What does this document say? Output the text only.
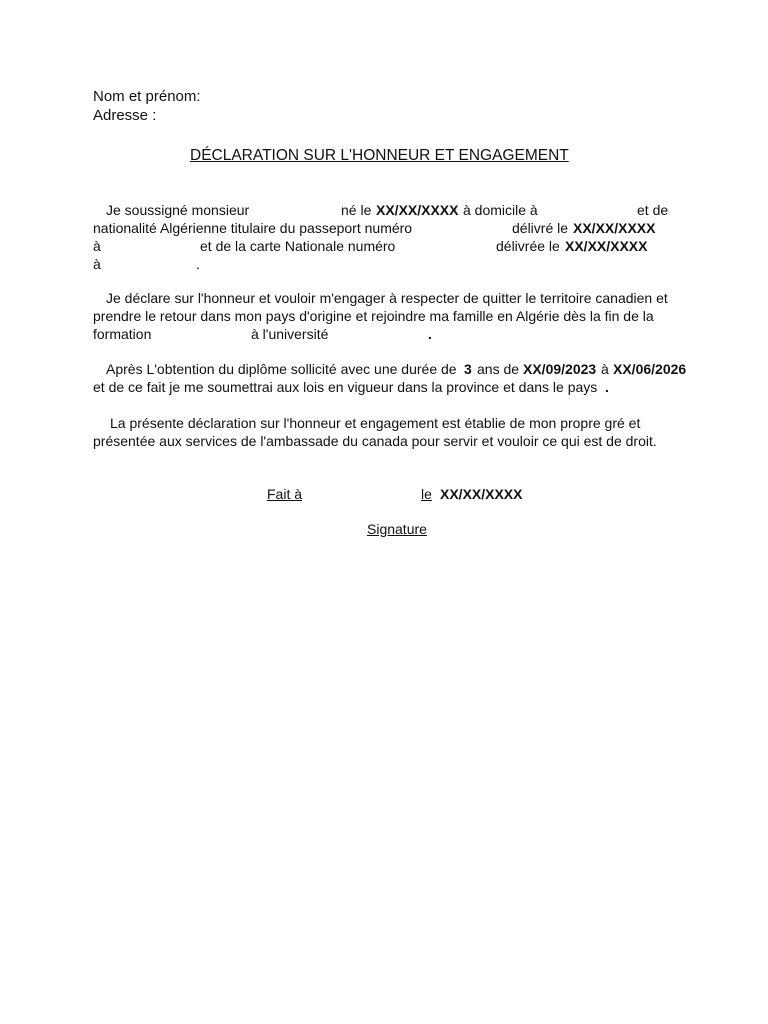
Nom et prénom:
Adresse :
DÉCLARATION SUR L'HONNEUR ET ENGAGEMENT
Je soussigné monsieur	né le XX/XX/XXXX à domicile à	et de
nationalité Algérienne titulaire du passeport numéro	délivré le XX/XX/XXXX
à	et de la carte Nationale numéro	délivrée le XX/XX/XXXX
à	.
Je déclare sur l'honneur et vouloir m'engager à respecter de quitter le territoire canadien et
prendre le retour dans mon pays d'origine et rejoindre ma famille en Algérie dès la fin de la
formation	à l'université	.
Après L'obtention du diplôme sollicité avec une durée de 3 ans de XX/09/2023 à XX/06/2026
et de ce fait je me soumettrai aux lois en vigueur dans la province et dans le pays .
La présente déclaration sur l'honneur et engagement est établie de mon propre gré et
présentée aux services de l'ambassade du canada pour servir et vouloir ce qui est de droit.
Fait à	le XX/XX/XXXX
Signature
